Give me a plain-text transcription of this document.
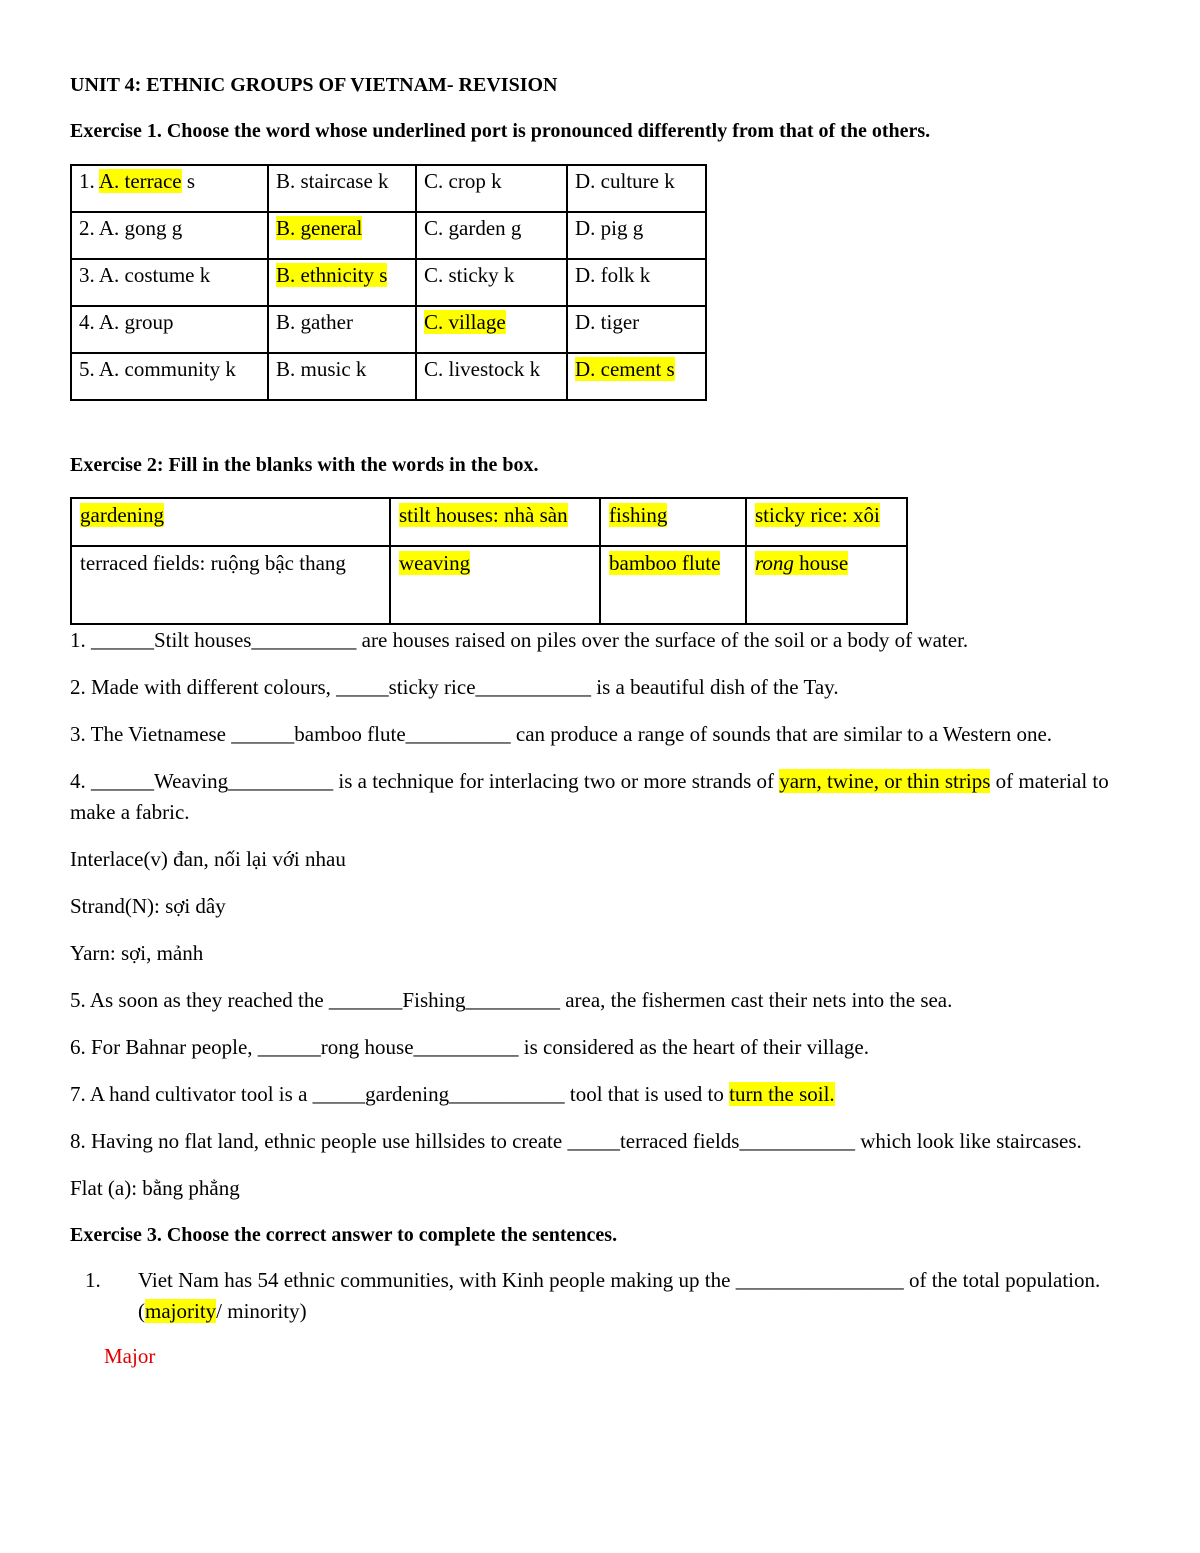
UNIT 4: ETHNIC GROUPS OF VIETNAM- REVISION

Exercise 1. Choose the word whose underlined port is pronounced differently from that of the others.

1. A. terrace s	B. staircase k	C. crop k	D. culture k
2. A. gong g	B. general	C. garden g	D. pig g
3. A. costume k	B. ethnicity s	C. sticky k	D. folk k
4. A. group	B. gather	C. village	D. tiger
5. A. community k	B. music k	C. livestock k	D. cement s

Exercise 2: Fill in the blanks with the words in the box.

gardening	stilt houses: nhà sàn	fishing	sticky rice: xôi
terraced fields: ruộng bậc thang	weaving	bamboo flute	rong house

1. ______Stilt houses__________ are houses raised on piles over the surface of the soil or a body of water.

2. Made with different colours, _____sticky rice___________ is a beautiful dish of the Tay.

3. The Vietnamese ______bamboo flute__________ can produce a range of sounds that are similar to a Western one.

4. ______Weaving__________ is a technique for interlacing two or more strands of yarn, twine, or thin strips of material to make a fabric.

Interlace(v) đan, nối lại với nhau

Strand(N): sợi dây

Yarn: sợi, mảnh

5. As soon as they reached the _______Fishing_________ area, the fishermen cast their nets into the sea.

6. For Bahnar people, ______rong house__________ is considered as the heart of their village.

7. A hand cultivator tool is a _____gardening___________ tool that is used to turn the soil.

8. Having no flat land, ethnic people use hillsides to create _____terraced fields___________ which look like staircases.

Flat (a): bằng phẳng

Exercise 3. Choose the correct answer to complete the sentences.

1. Viet Nam has 54 ethnic communities, with Kinh people making up the ________________ of the total population. (majority/ minority)

Major
